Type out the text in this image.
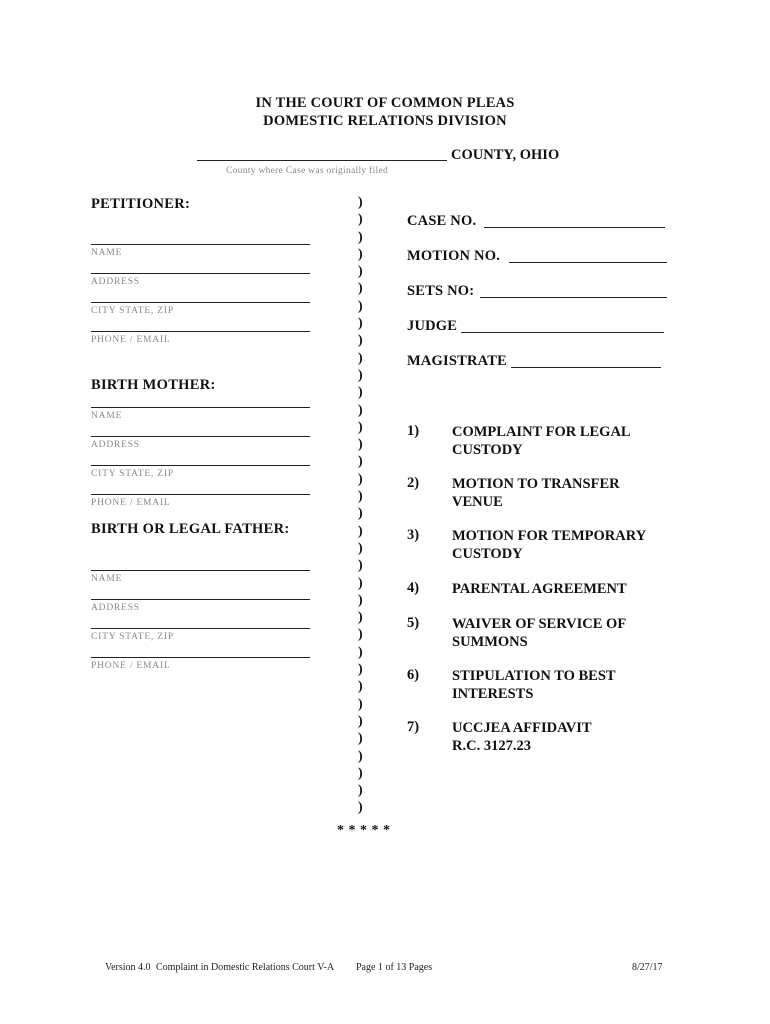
IN THE COURT OF COMMON PLEAS
DOMESTIC RELATIONS DIVISION
COUNTY, OHIO
County where Case was originally filed
PETITIONER:
NAME
ADDRESS
CITY STATE, ZIP
PHONE / EMAIL
BIRTH MOTHER:
NAME
ADDRESS
CITY STATE, ZIP
PHONE / EMAIL
BIRTH OR LEGAL FATHER:
NAME
ADDRESS
CITY STATE, ZIP
PHONE / EMAIL
)
)
)
)
)
)
)
)
)
)
)
)
)
)
)
)
)
)
)
)
)
)
)
)
)
)
)
)
)
)
)
)
)
)
)
)
* * * * *
CASE NO.
MOTION NO.
SETS NO:
JUDGE
MAGISTRATE
1) COMPLAINT FOR LEGAL
CUSTODY
2) MOTION TO TRANSFER
VENUE
3) MOTION FOR TEMPORARY
CUSTODY
4) PARENTAL AGREEMENT
5) WAIVER OF SERVICE OF
SUMMONS
6) STIPULATION TO BEST
INTERESTS
7) UCCJEA AFFIDAVIT
R.C. 3127.23
Version 4.0 Complaint in Domestic Relations Court V-A Page 1 of 13 Pages	8/27/17
